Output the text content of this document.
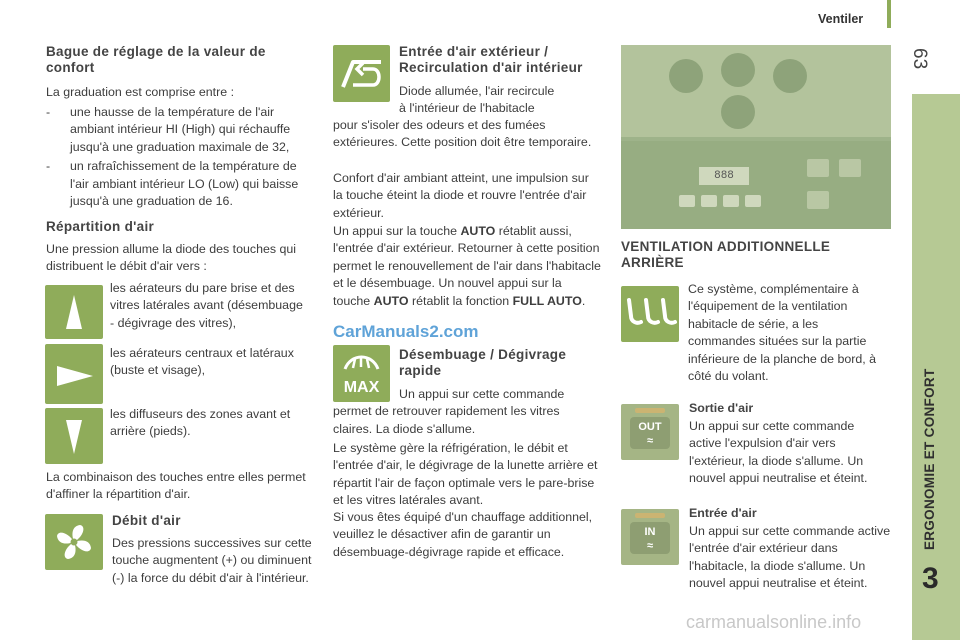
Ventiler
63
ERGONOMIE ET CONFORT
3
Bague de réglage de la valeur de confort
La graduation est comprise entre :
- une hausse de la température de l'air ambiant intérieur HI (High) qui réchauffe jusqu'à une graduation maximale de 32,
- un rafraîchissement de la température de l'air ambiant intérieur LO (Low) qui baisse jusqu'à une graduation de 16.
Répartition d'air
Une pression allume la diode des touches qui distribuent le débit d'air vers :
les aérateurs du pare brise et des vitres latérales avant (désembuage - dégivrage des vitres),
les aérateurs centraux et latéraux (buste et visage),
les diffuseurs des zones avant et arrière (pieds).
La combinaison des touches entre elles permet d'affiner la répartition d'air.
Débit d'air
Des pressions successives sur cette touche augmentent (+) ou diminuent (-) la force du débit d'air à l'intérieur.
Entrée d'air extérieur / Recirculation d'air intérieur
Diode allumée, l'air recircule
à l'intérieur de l'habitacle
pour s'isoler des odeurs et des fumées extérieures. Cette position doit être temporaire.
Confort d'air ambiant atteint, une impulsion sur la touche éteint la diode et rouvre l'entrée d'air extérieur.
Un appui sur la touche AUTO rétablit aussi, l'entrée d'air extérieur. Retourner à cette position permet le renouvellement de l'air dans l'habitacle et le désembuage. Un nouvel appui sur la touche AUTO rétablit la fonction FULL AUTO.
CarManuals2.com
MAX
Désembuage / Dégivrage rapide
Un appui sur cette commande permet de retrouver rapidement les vitres claires. La diode s'allume.
Le système gère la réfrigération, le débit et l'entrée d'air, le dégivrage de la lunette arrière et répartit l'air de façon optimale vers le pare-brise et les vitres latérales avant.
Si vous êtes équipé d'un chauffage additionnel, veuillez le désactiver afin de garantir un désembuage-dégivrage rapide et efficace.
888
VENTILATION ADDITIONNELLE ARRIÈRE
Ce système, complémentaire à l'équipement de la ventilation habitacle de série, a les commandes situées sur la partie inférieure de la planche de bord, à côté du volant.
OUT
≈
Sortie d'air
Un appui sur cette commande active l'expulsion d'air vers l'extérieur, la diode s'allume. Un nouvel appui neutralise et éteint.
IN
≈
Entrée d'air
Un appui sur cette commande active l'entrée d'air extérieur dans l'habitacle, la diode s'allume. Un nouvel appui neutralise et éteint.
carmanualsonline.info
